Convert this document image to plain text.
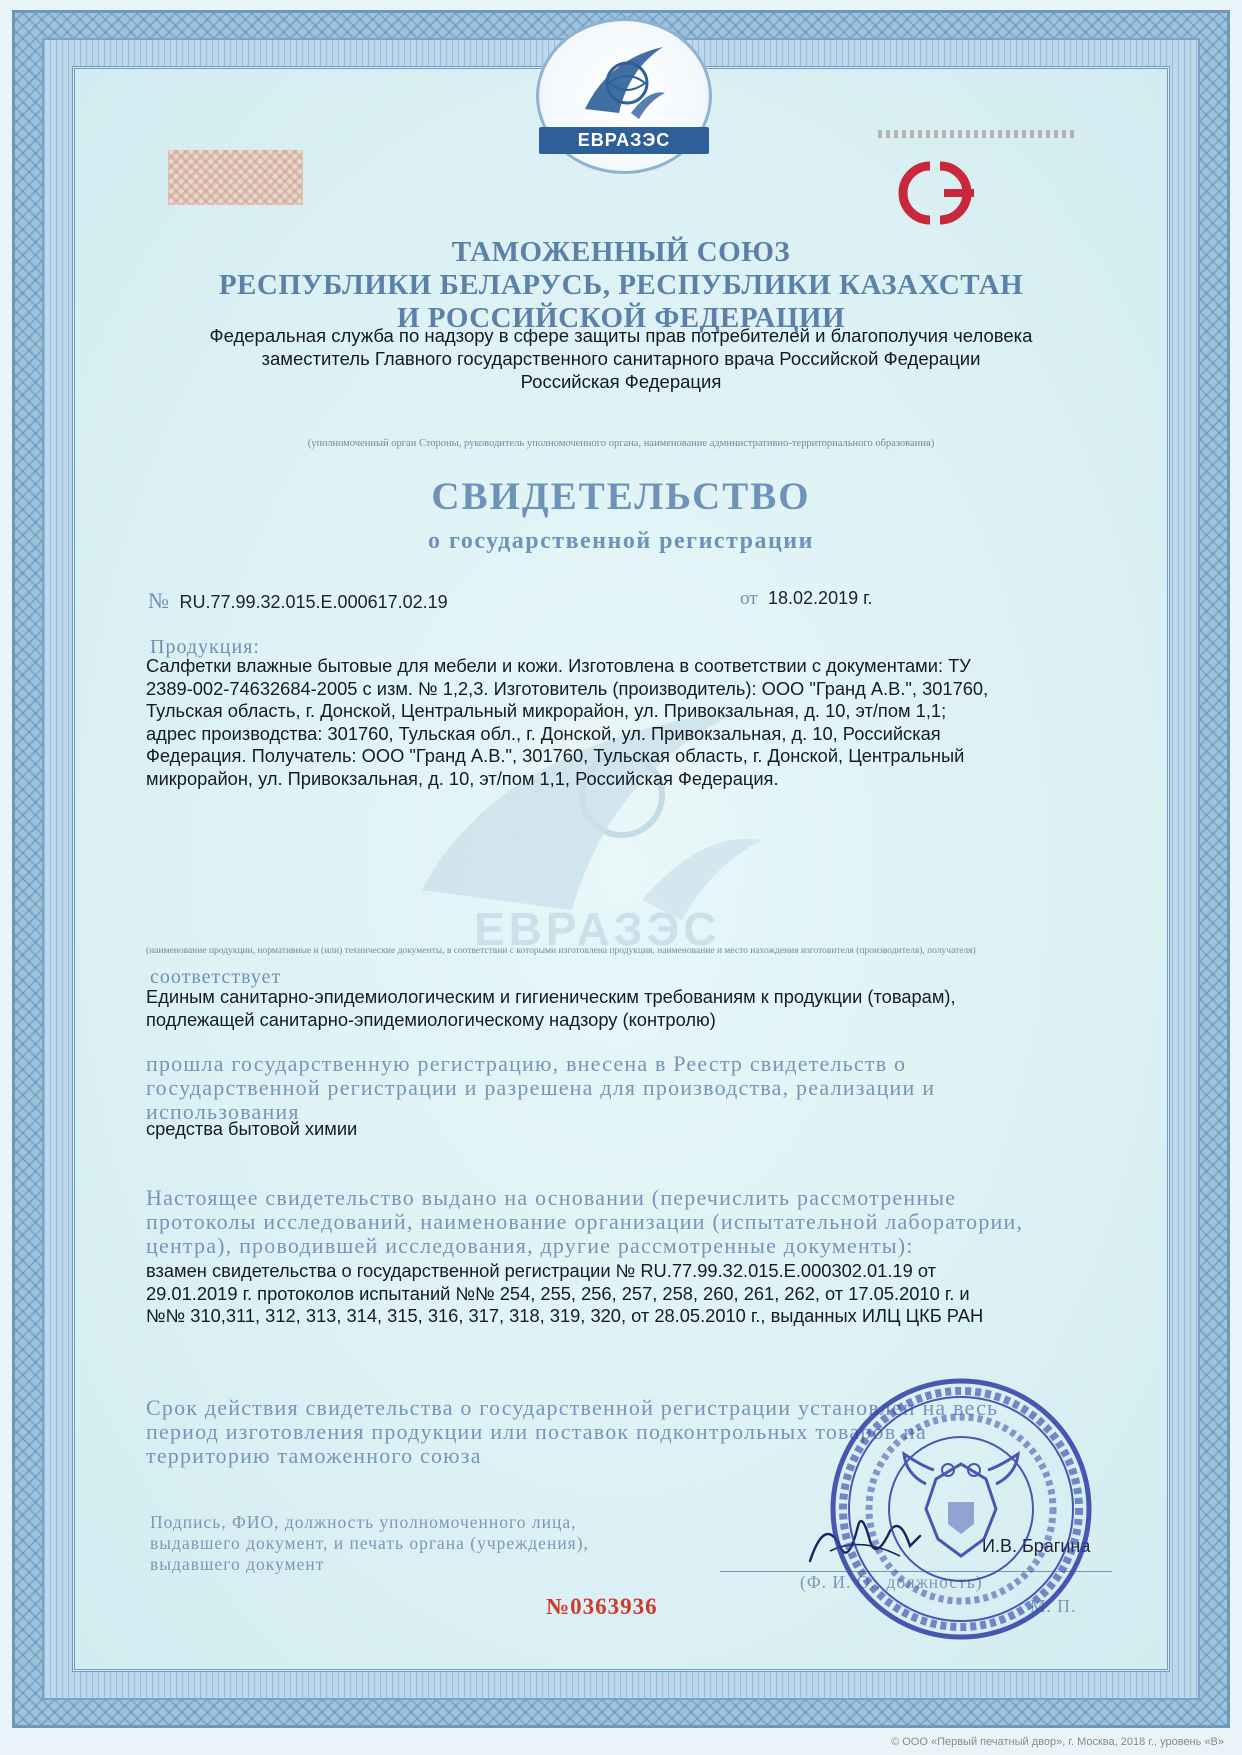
ЕВРАЗЭС
ТАМОЖЕННЫЙ СОЮЗ
РЕСПУБЛИКИ БЕЛАРУСЬ, РЕСПУБЛИКИ КАЗАХСТАН
И РОССИЙСКОЙ ФЕДЕРАЦИИ
Федеральная служба по надзору в сфере защиты прав потребителей и благополучия человека
заместитель Главного государственного санитарного врача Российской Федерации
Российская Федерация
(уполномоченный орган Стороны, руководитель уполномоченного органа, наименование административно-территориального образования)
СВИДЕТЕЛЬСТВО
о государственной регистрации
№ RU.77.99.32.015.Е.000617.02.19	от 18.02.2019 г.
ЕВРАЗЭС
Продукция:
Салфетки влажные бытовые для мебели и кожи. Изготовлена в соответствии с документами: ТУ
2389-002-74632684-2005 с изм. № 1,2,3. Изготовитель (производитель): ООО "Гранд А.В.", 301760,
Тульская область, г. Донской, Центральный микрорайон, ул. Привокзальная, д. 10, эт/пом 1,1;
адрес производства: 301760, Тульская обл., г. Донской, ул. Привокзальная, д. 10, Российская
Федерация. Получатель: ООО "Гранд А.В.", 301760, Тульская область, г. Донской, Центральный
микрорайон, ул. Привокзальная, д. 10, эт/пом 1,1, Российская Федерация.
(наименование продукции, нормативные и (или) технические документы, в соответствии с которыми изготовлена продукция, наименование и место нахождения изготовителя (производителя), получателя)
соответствует
Единым санитарно-эпидемиологическим и гигиеническим требованиям к продукции (товарам),
подлежащей санитарно-эпидемиологическому надзору (контролю)
прошла государственную регистрацию, внесена в Реестр свидетельств о
государственной регистрации и разрешена для производства, реализации и
использования
средства бытовой химии
Настоящее свидетельство выдано на основании (перечислить рассмотренные
протоколы исследований, наименование организации (испытательной лаборатории,
центра), проводившей исследования, другие рассмотренные документы):
взамен свидетельства о государственной регистрации № RU.77.99.32.015.Е.000302.01.19 от
29.01.2019 г. протоколов испытаний №№ 254, 255, 256, 257, 258, 260, 261, 262, от 17.05.2010 г. и
№№ 310,311, 312, 313, 314, 315, 316, 317, 318, 319, 320, от 28.05.2010 г., выданных ИЛЦ ЦКБ РАН
Срок действия свидетельства о государственной регистрации установлен на весь
период изготовления продукции или поставок подконтрольных товаров на
территорию таможенного союза
Подпись, ФИО, должность уполномоченного лица,
выдавшего документ, и печать органа (учреждения),
выдавшего документ
И.В. Брагина
(Ф. И. О., должность)
М. П.
№0363936
© ООО «Первый печатный двор», г. Москва, 2018 г., уровень «В»
